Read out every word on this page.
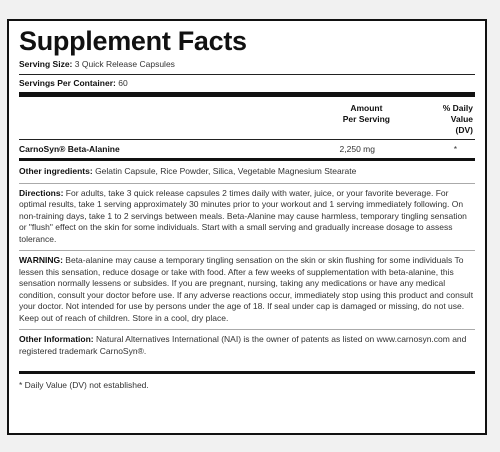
Supplement Facts
Serving Size: 3 Quick Release Capsules
Servings Per Container: 60
Amount
Per Serving
% Daily
Value
(DV)
CarnoSyn® Beta-Alanine	2,250 mg	*
Other ingredients: Gelatin Capsule, Rice Powder, Silica, Vegetable Magnesium Stearate
Directions: For adults, take 3 quick release capsules 2 times daily with water, juice, or your favorite beverage. For optimal results, take 1 serving approximately 30 minutes prior to your workout and 1 serving immediately following. On non-training days, take 1 to 2 servings between meals. Beta-Alanine may cause harmless, temporary tingling sensation or "flush" effect on the skin for some individuals. Start with a small serving and gradually increase dosage to assess tolerance.
WARNING: Beta-alanine may cause a temporary tingling sensation on the skin or skin flushing for some individuals To lessen this sensation, reduce dosage or take with food. After a few weeks of supplementation with beta-alanine, this sensation normally lessens or subsides. If you are pregnant, nursing, taking any medications or have any medical condition, consult your doctor before use. If any adverse reactions occur, immediately stop using this product and consult your doctor. Not intended for use by persons under the age of 18. If seal under cap is damaged or missing, do not use. Keep out of reach of children. Store in a cool, dry place.
Other Information: Natural Alternatives International (NAI) is the owner of patents as listed on www.carnosyn.com and registered trademark CarnoSyn®.
* Daily Value (DV) not established.
